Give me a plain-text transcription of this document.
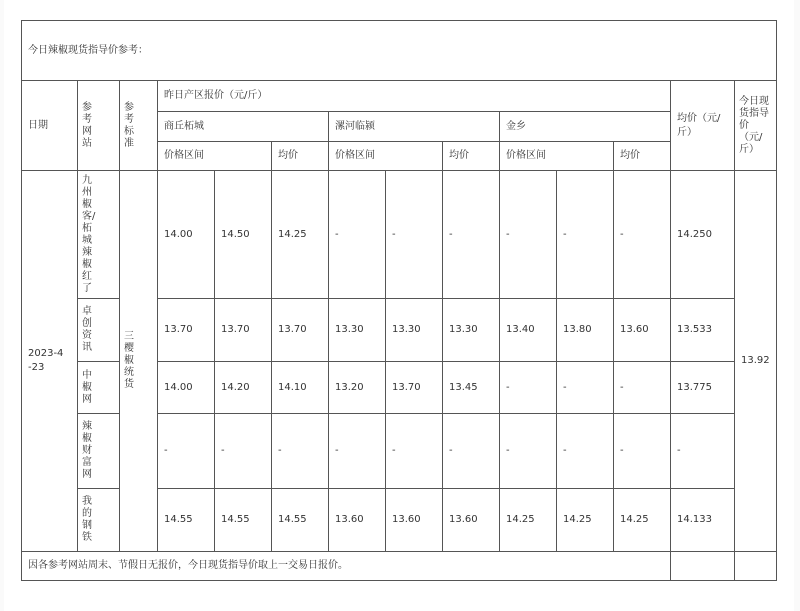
今日辣椒现货指导价参考：													
日期	参考网站	参考标准	昨日产区报价（元/斤）									均价（元/斤）	今日现货指导价（元/斤）

			商丘柘城			漯河临颍			金乡				
			价格区间		均价	价格区间		均价	价格区间		均价		

2023-4-23	九州椒客/柘城辣椒红了	三樱椒统货	14.00	14.50	14.25	-	-	-	-	-	-	14.250	13.92

	卓创资讯		13.70	13.70	13.70	13.30	13.30	13.30	13.40	13.80	13.60	13.533	

	中椒网		14.00	14.20	14.10	13.20	13.70	13.45	-	-	-	13.775	

	辣椒财富网		-	-	-	-	-	-	-	-	-	-	

	我的钢铁		14.55	14.55	14.55	13.60	13.60	13.60	14.25	14.25	14.25	14.133	
因各参考网站周末、节假日无报价，今日现货指导价取上一交易日报价。													
